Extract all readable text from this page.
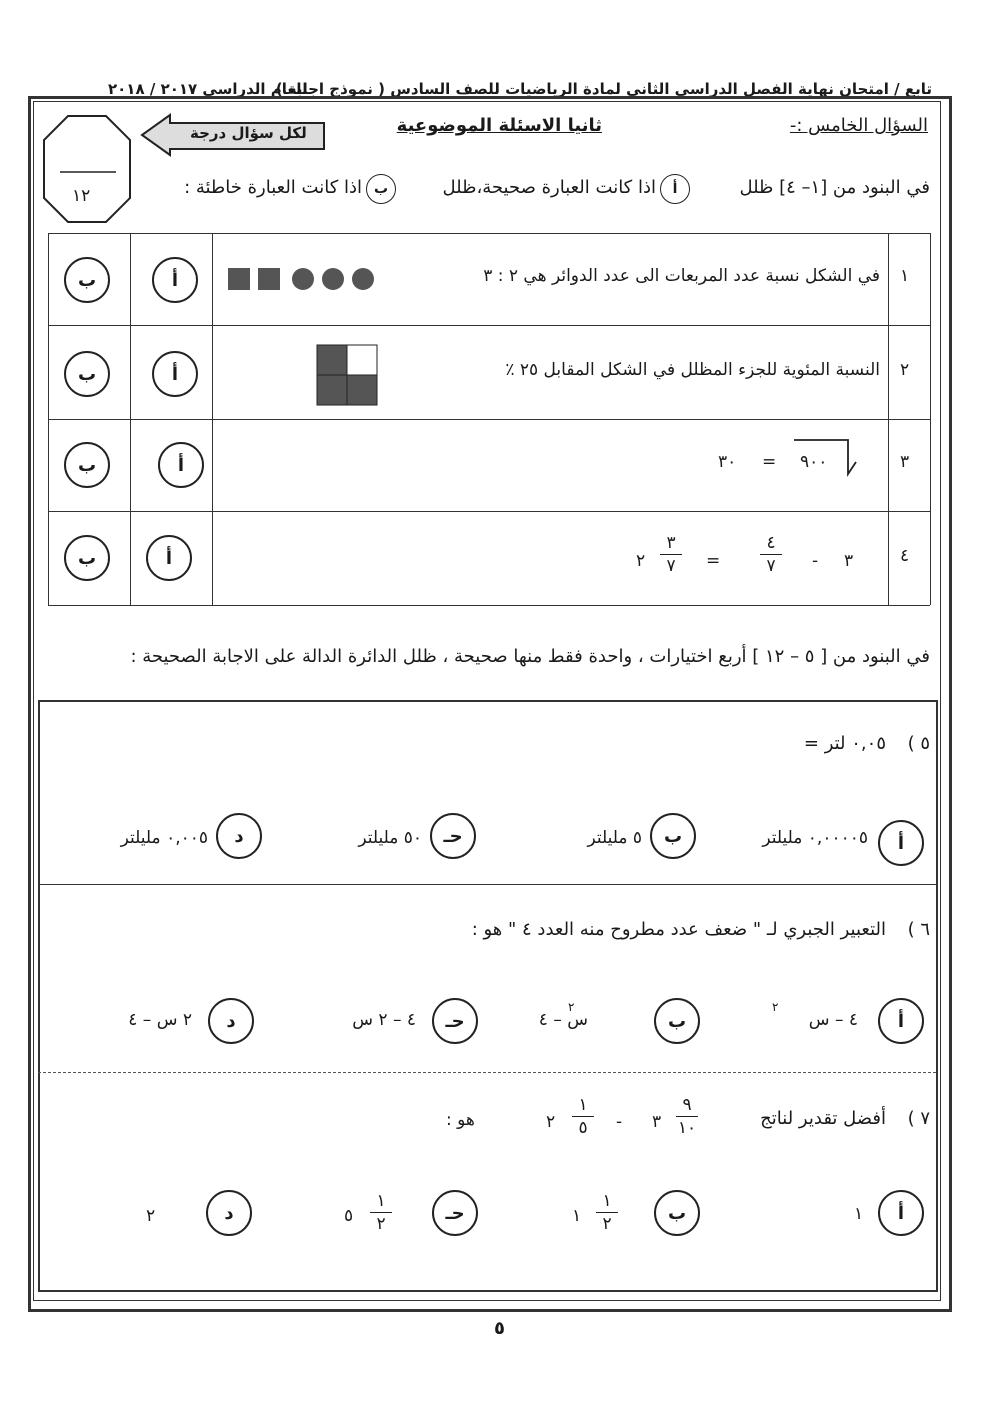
تابع / امتحان نهاية الفصل الدراسي الثاني لمادة الرياضيات للصف السادس ( نموذج اجابة )
للعام الدراسي ٢٠١٧ / ٢٠١٨
السؤال الخامس :-
ثانيا الاسئلة الموضوعية
لكل سؤال درجة
١٢	في البنود من [١– ٤] ظلل
أ
اذا كانت العبارة صحيحة،ظلل
ب
اذا كانت العبارة خاطئة :
١
في الشكل نسبة عدد المربعات الى عدد الدوائر هي ٢ : ٣
أ
ب
٢
النسبة المئوية للجزء المظلل في الشكل المقابل ٢٥ ٪
أ
ب
٣
٩٠٠
=
٣٠
أ
ب
٤
٣
-
٤
٧
=
٣
٧
٢
أ
ب
في البنود من [ ٥ – ١٢ ] أربع اختيارات ، واحدة فقط منها صحيحة ، ظلل الدائرة الدالة على الاجابة الصحيحة :
٥ )
٠,٠٥ لتر =
أ
٠,٠٠٠٠٥ مليلتر
ب
٥ مليلتر
حـ
٥٠ مليلتر
د
٠,٠٠٥ مليلتر
٦ )
التعبير الجبري لـ " ضعف عدد مطروح منه العدد ٤ " هو :
أ
٤ – س
٢
ب
س – ٤
٢
حـ
٤ – ٢ س
د
٢ س – ٤
٧ )
أفضل تقدير لناتج
٩
١٠
٣
-
١
٥
٢
هو :
أ
١
ب
١
٢
١
حـ
١
٢
٥
د
٢
٥
